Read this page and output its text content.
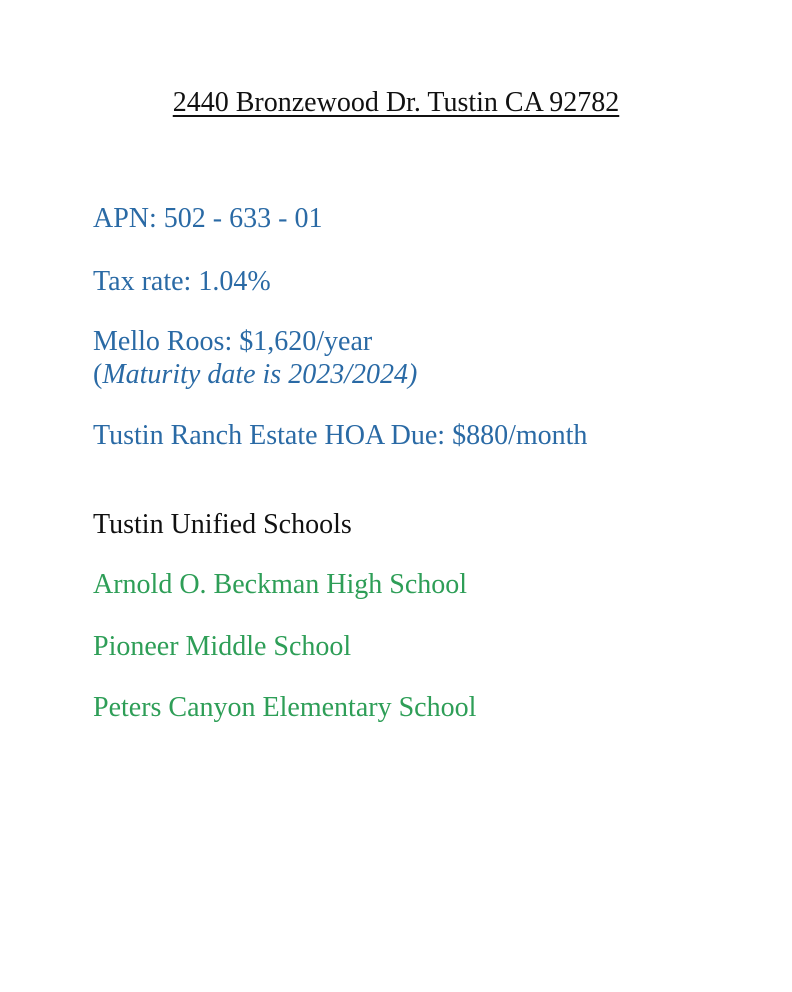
2440 Bronzewood Dr. Tustin CA 92782
APN: 502 - 633 - 01
Tax rate: 1.04%
Mello Roos: $1,620/year
(Maturity date is 2023/2024)
Tustin Ranch Estate HOA Due: $880/month
Tustin Unified Schools
Arnold O. Beckman High School
Pioneer Middle School
Peters Canyon Elementary School
